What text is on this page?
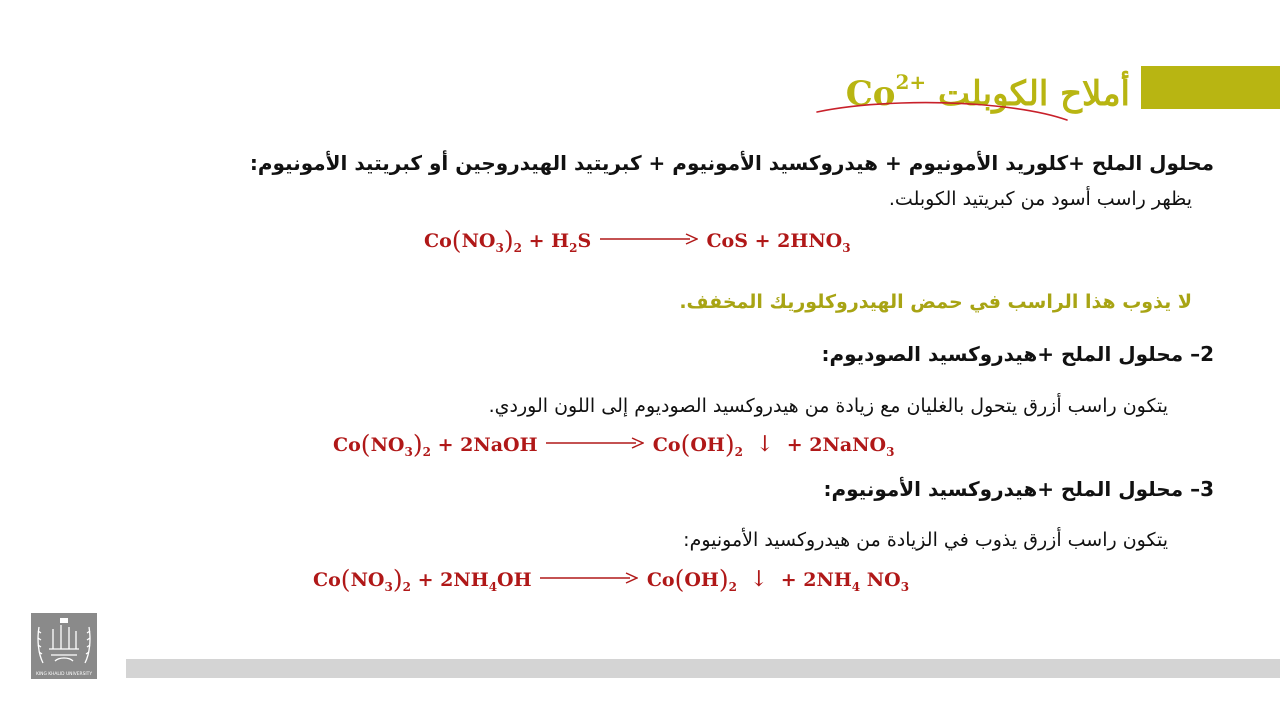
أملاح الكوبلت $Co^{2+}$
محلول الملح +كلوريد الأمونيوم + هيدروكسيد الأمونيوم + كبريتيد الهيدروجين أو كبريتيد الأمونيوم:
يظهر راسب أسود من كبريتيد الكوبلت.
$Co(NO_3)_2 + H_2S$	CoS + $2HNO_3$
لا يذوب هذا الراسب في حمض الهيدروكلوريك المخفف.
2– محلول الملح +هيدروكسيد الصوديوم:
يتكون راسب أزرق يتحول بالغليان مع زيادة من هيدروكسيد الصوديوم إلى اللون الوردي.
$Co(NO_3)_2$ + 2NaOH	$Co(OH)_2$ ↓ + 2NaNO$_3$
3– محلول الملح +هيدروكسيد الأمونيوم:
يتكون راسب أزرق يذوب في الزيادة من هيدروكسيد الأمونيوم:
$Co(NO_3)_2 + 2NH_4OH$	$Co(OH)_2$ ↓ + $2NH_4$ $NO_3$
KING KHALID UNIVERSITY
